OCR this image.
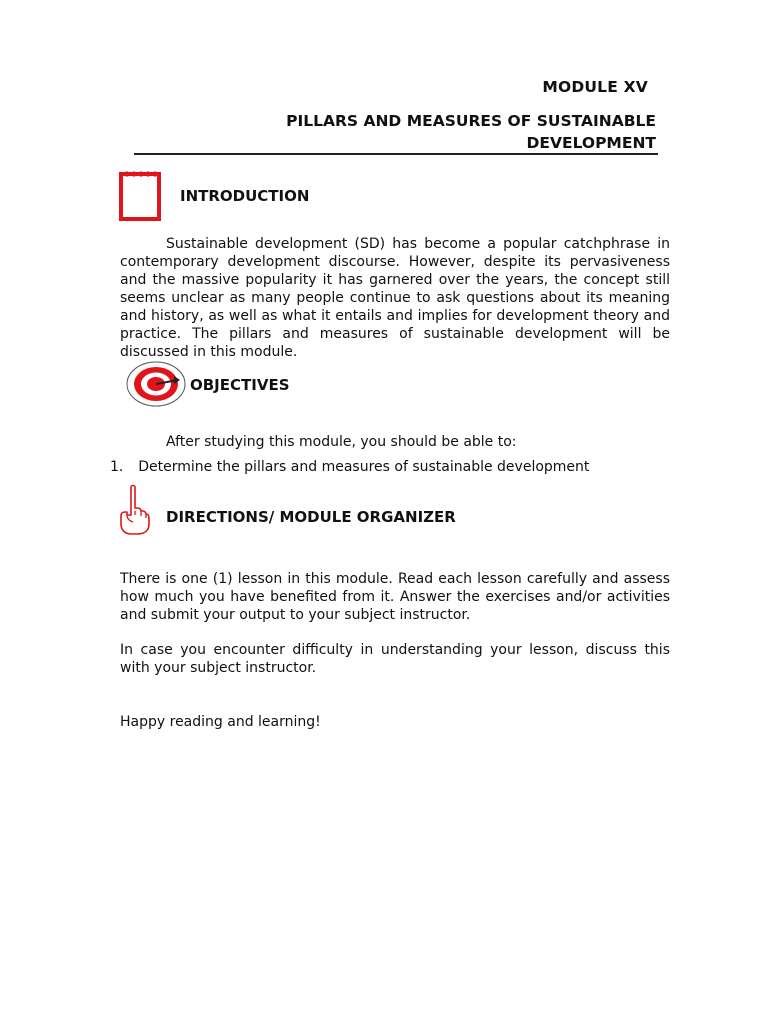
MODULE XV
PILLARS AND MEASURES OF SUSTAINABLE DEVELOPMENT
INTRODUCTION
Sustainable development (SD) has become a popular catchphrase in contemporary development discourse. However, despite its pervasiveness and the massive popularity it has garnered over the years, the concept still seems unclear as many people continue to ask questions about its meaning and history, as well as what it entails and implies for development theory and practice. The pillars and measures of sustainable development will be discussed in this module.
OBJECTIVES
After studying this module, you should be able to:
1. Determine the pillars and measures of sustainable development
DIRECTIONS/ MODULE ORGANIZER
There is one (1) lesson in this module. Read each lesson carefully and assess how much you have benefited from it. Answer the exercises and/or activities and submit your output to your subject instructor.
In case you encounter difficulty in understanding your lesson, discuss this with your subject instructor.
Happy reading and learning!
